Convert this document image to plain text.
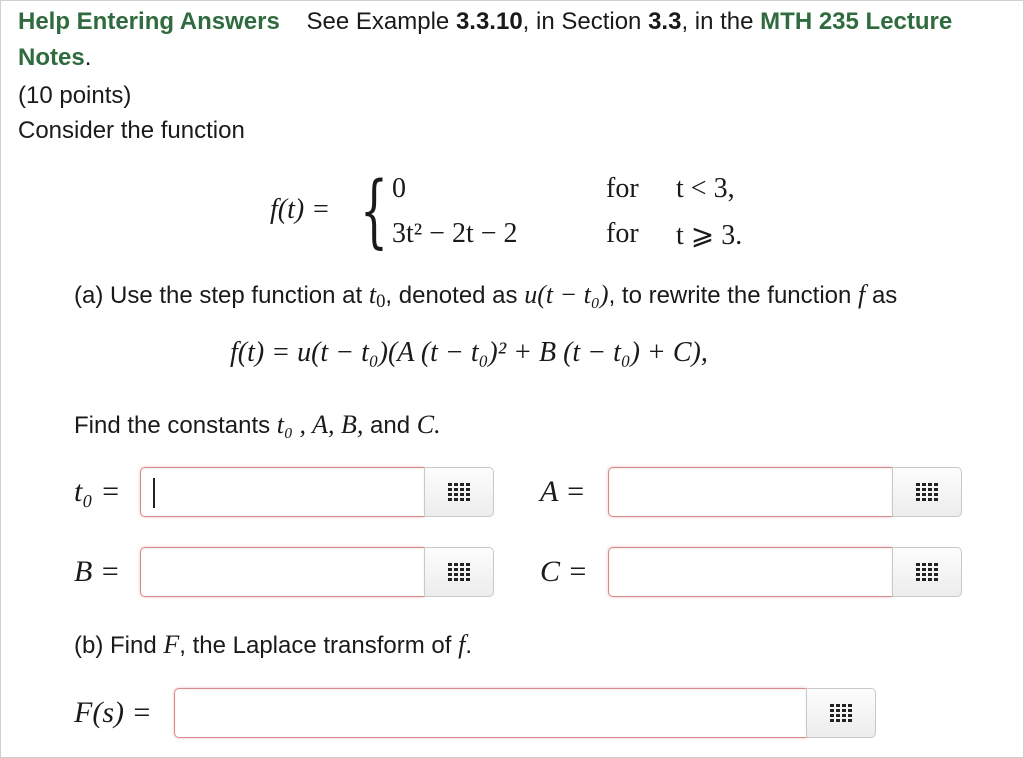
Help Entering Answers See Example 3.3.10, in Section 3.3, in the MTH 235 Lecture
Notes.
(10 points)
Consider the function
f(t) = { 0
3t² − 2t − 2
for
for
t < 3,
t ⩾ 3.
(a) Use the step function at $t_0$, denoted as u(t − t₀), to rewrite the function f as
f(t) = u(t − t₀)(A (t − t₀)² + B (t − t₀) + C),
Find the constants t₀ , A, B, and C.
t₀ =	A =
B =	C =
(b) Find F, the Laplace transform of f.
F(s) =
